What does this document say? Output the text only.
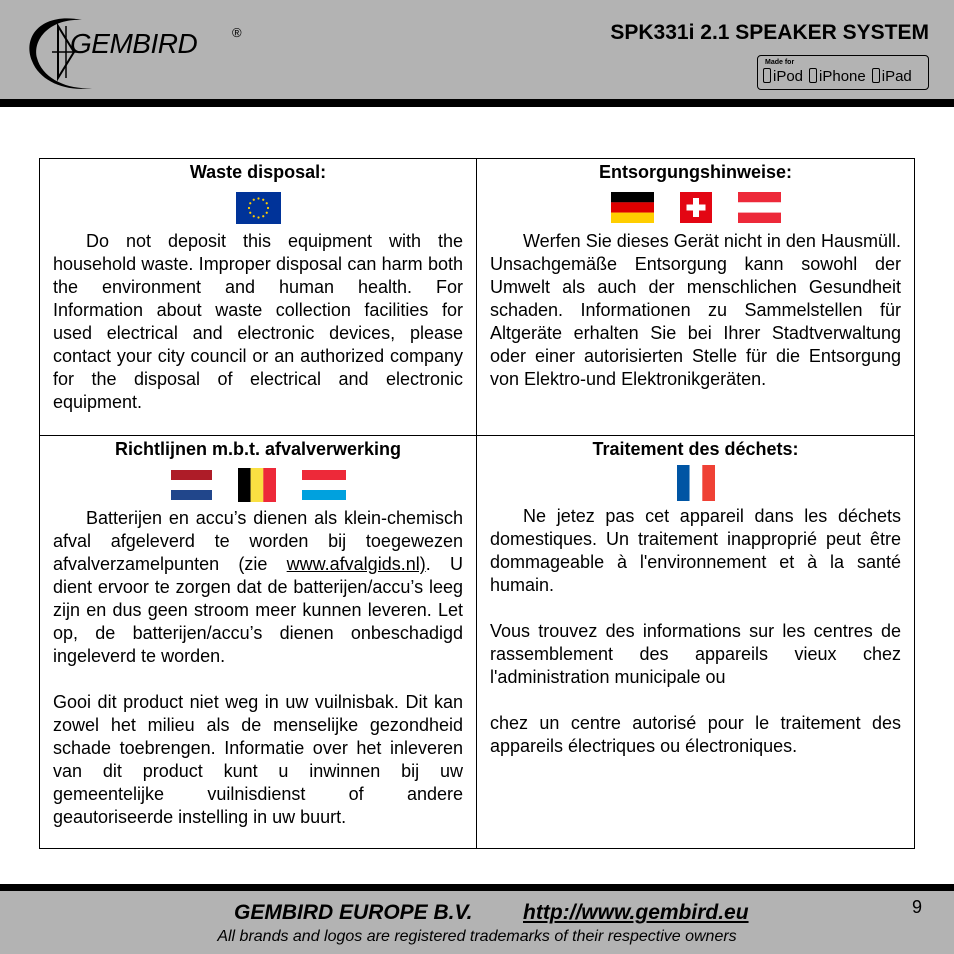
GEMBIRD	®	SPK331i 2.1 SPEAKER SYSTEM
Made for
iPod	iPhone	iPad
Waste disposal:

Do not deposit this equipment with the household waste. Improper disposal can harm both the environment and human health. For Information about waste collection facilities for used electrical and electronic devices, please contact your city council or an authorized company for the disposal of electrical and electronic equipment.

Entsorgungshinweise:

Werfen Sie dieses Gerät nicht in den Hausmüll. Unsachgemäße Entsorgung kann sowohl der Umwelt als auch der menschlichen Gesundheit schaden. Informationen zu Sammelstellen für Altgeräte erhalten Sie bei Ihrer Stadtverwaltung oder einer autorisierten Stelle für die Entsorgung von Elektro-und Elektronikgeräten.

Richtlijnen m.b.t. afvalverwerking

Batterijen en accu’s dienen als klein-chemisch afval afgeleverd te worden bij toegewezen afvalverzamelpunten (zie www.afvalgids.nl). U dient ervoor te zorgen dat de batterijen/accu’s leeg zijn en dus geen stroom meer kunnen leveren. Let op, de batterijen/accu’s dienen onbeschadigd ingeleverd te worden.

Gooi dit product niet weg in uw vuilnisbak. Dit kan zowel het milieu als de menselijke gezondheid schade toebrengen. Informatie over het inleveren van dit product kunt u inwinnen bij uw gemeentelijke vuilnisdienst of andere geautoriseerde instelling in uw buurt.

Traitement des déchets:

Ne jetez pas cet appareil dans les déchets domestiques. Un traitement inapproprié peut être dommageable à l'environnement et à la santé humain.

Vous trouvez des informations sur les centres de rassemblement des appareils vieux chez l'administration municipale ou

chez un centre autorisé pour le traitement des appareils électriques ou électroniques.

GEMBIRD EUROPE B.V. http://www.gembird.eu
All brands and logos are registered trademarks of their respective owners
9
